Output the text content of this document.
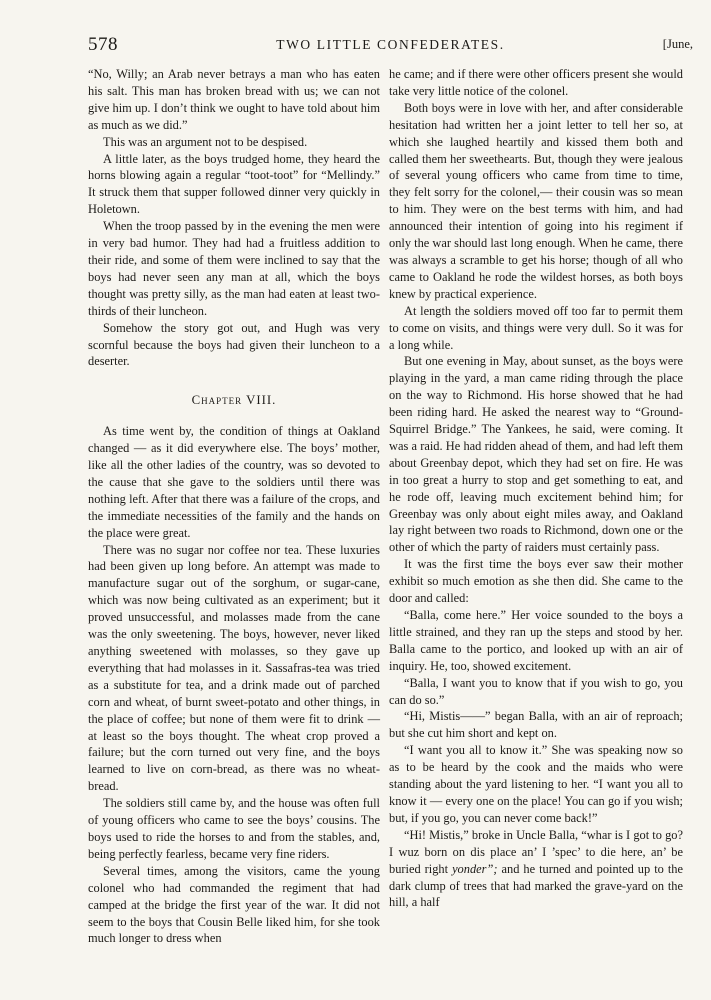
578	TWO LITTLE CONFEDERATES.	[June,

“No, Willy; an Arab never betrays a man who has eaten his salt. This man has broken bread with us; we can not give him up. I don’t think we ought to have told about him as much as we did.”

This was an argument not to be despised.

A little later, as the boys trudged home, they heard the horns blowing again a regular “toot-toot” for “Mellindy.” It struck them that supper followed dinner very quickly in Holetown.

When the troop passed by in the evening the men were in very bad humor. They had had a fruitless addition to their ride, and some of them were inclined to say that the boys had never seen any man at all, which the boys thought was pretty silly, as the man had eaten at least two-thirds of their luncheon.

Somehow the story got out, and Hugh was very scornful because the boys had given their luncheon to a deserter.

Chapter VIII.

As time went by, the condition of things at Oakland changed — as it did everywhere else. The boys’ mother, like all the other ladies of the country, was so devoted to the cause that she gave to the soldiers until there was nothing left. After that there was a failure of the crops, and the immediate necessities of the family and the hands on the place were great.

There was no sugar nor coffee nor tea. These luxuries had been given up long before. An attempt was made to manufacture sugar out of the sorghum, or sugar-cane, which was now being cultivated as an experiment; but it proved unsuccessful, and molasses made from the cane was the only sweetening. The boys, however, never liked anything sweetened with molasses, so they gave up everything that had molasses in it. Sassafras-tea was tried as a substitute for tea, and a drink made out of parched corn and wheat, of burnt sweet-potato and other things, in the place of coffee; but none of them were fit to drink — at least so the boys thought. The wheat crop proved a failure; but the corn turned out very fine, and the boys learned to live on corn-bread, as there was no wheat-bread.

The soldiers still came by, and the house was often full of young officers who came to see the boys’ cousins. The boys used to ride the horses to and from the stables, and, being perfectly fearless, became very fine riders.

Several times, among the visitors, came the young colonel who had commanded the regiment that had camped at the bridge the first year of the war. It did not seem to the boys that Cousin Belle liked him, for she took much longer to dress when

he came; and if there were other officers present she would take very little notice of the colonel.

Both boys were in love with her, and after considerable hesitation had written her a joint letter to tell her so, at which she laughed heartily and kissed them both and called them her sweethearts. But, though they were jealous of several young officers who came from time to time, they felt sorry for the colonel,— their cousin was so mean to him. They were on the best terms with him, and had announced their intention of going into his regiment if only the war should last long enough. When he came, there was always a scramble to get his horse; though of all who came to Oakland he rode the wildest horses, as both boys knew by practical experience.

At length the soldiers moved off too far to permit them to come on visits, and things were very dull. So it was for a long while.

But one evening in May, about sunset, as the boys were playing in the yard, a man came riding through the place on the way to Richmond. His horse showed that he had been riding hard. He asked the nearest way to “Ground-Squirrel Bridge.” The Yankees, he said, were coming. It was a raid. He had ridden ahead of them, and had left them about Greenbay depot, which they had set on fire. He was in too great a hurry to stop and get something to eat, and he rode off, leaving much excitement behind him; for Greenbay was only about eight miles away, and Oakland lay right between two roads to Richmond, down one or the other of which the party of raiders must certainly pass.

It was the first time the boys ever saw their mother exhibit so much emotion as she then did. She came to the door and called:

“Balla, come here.” Her voice sounded to the boys a little strained, and they ran up the steps and stood by her. Balla came to the portico, and looked up with an air of inquiry. He, too, showed excitement.

“Balla, I want you to know that if you wish to go, you can do so.”

“Hi, Mistis——” began Balla, with an air of reproach; but she cut him short and kept on.

“I want you all to know it.” She was speaking now so as to be heard by the cook and the maids who were standing about the yard listening to her. “I want you all to know it — every one on the place! You can go if you wish; but, if you go, you can never come back!”

“Hi! Mistis,” broke in Uncle Balla, “whar is I got to go? I wuz born on dis place an’ I ’spec’ to die here, an’ be buried right yonder”; and he turned and pointed up to the dark clump of trees that had marked the grave-yard on the hill, a half
